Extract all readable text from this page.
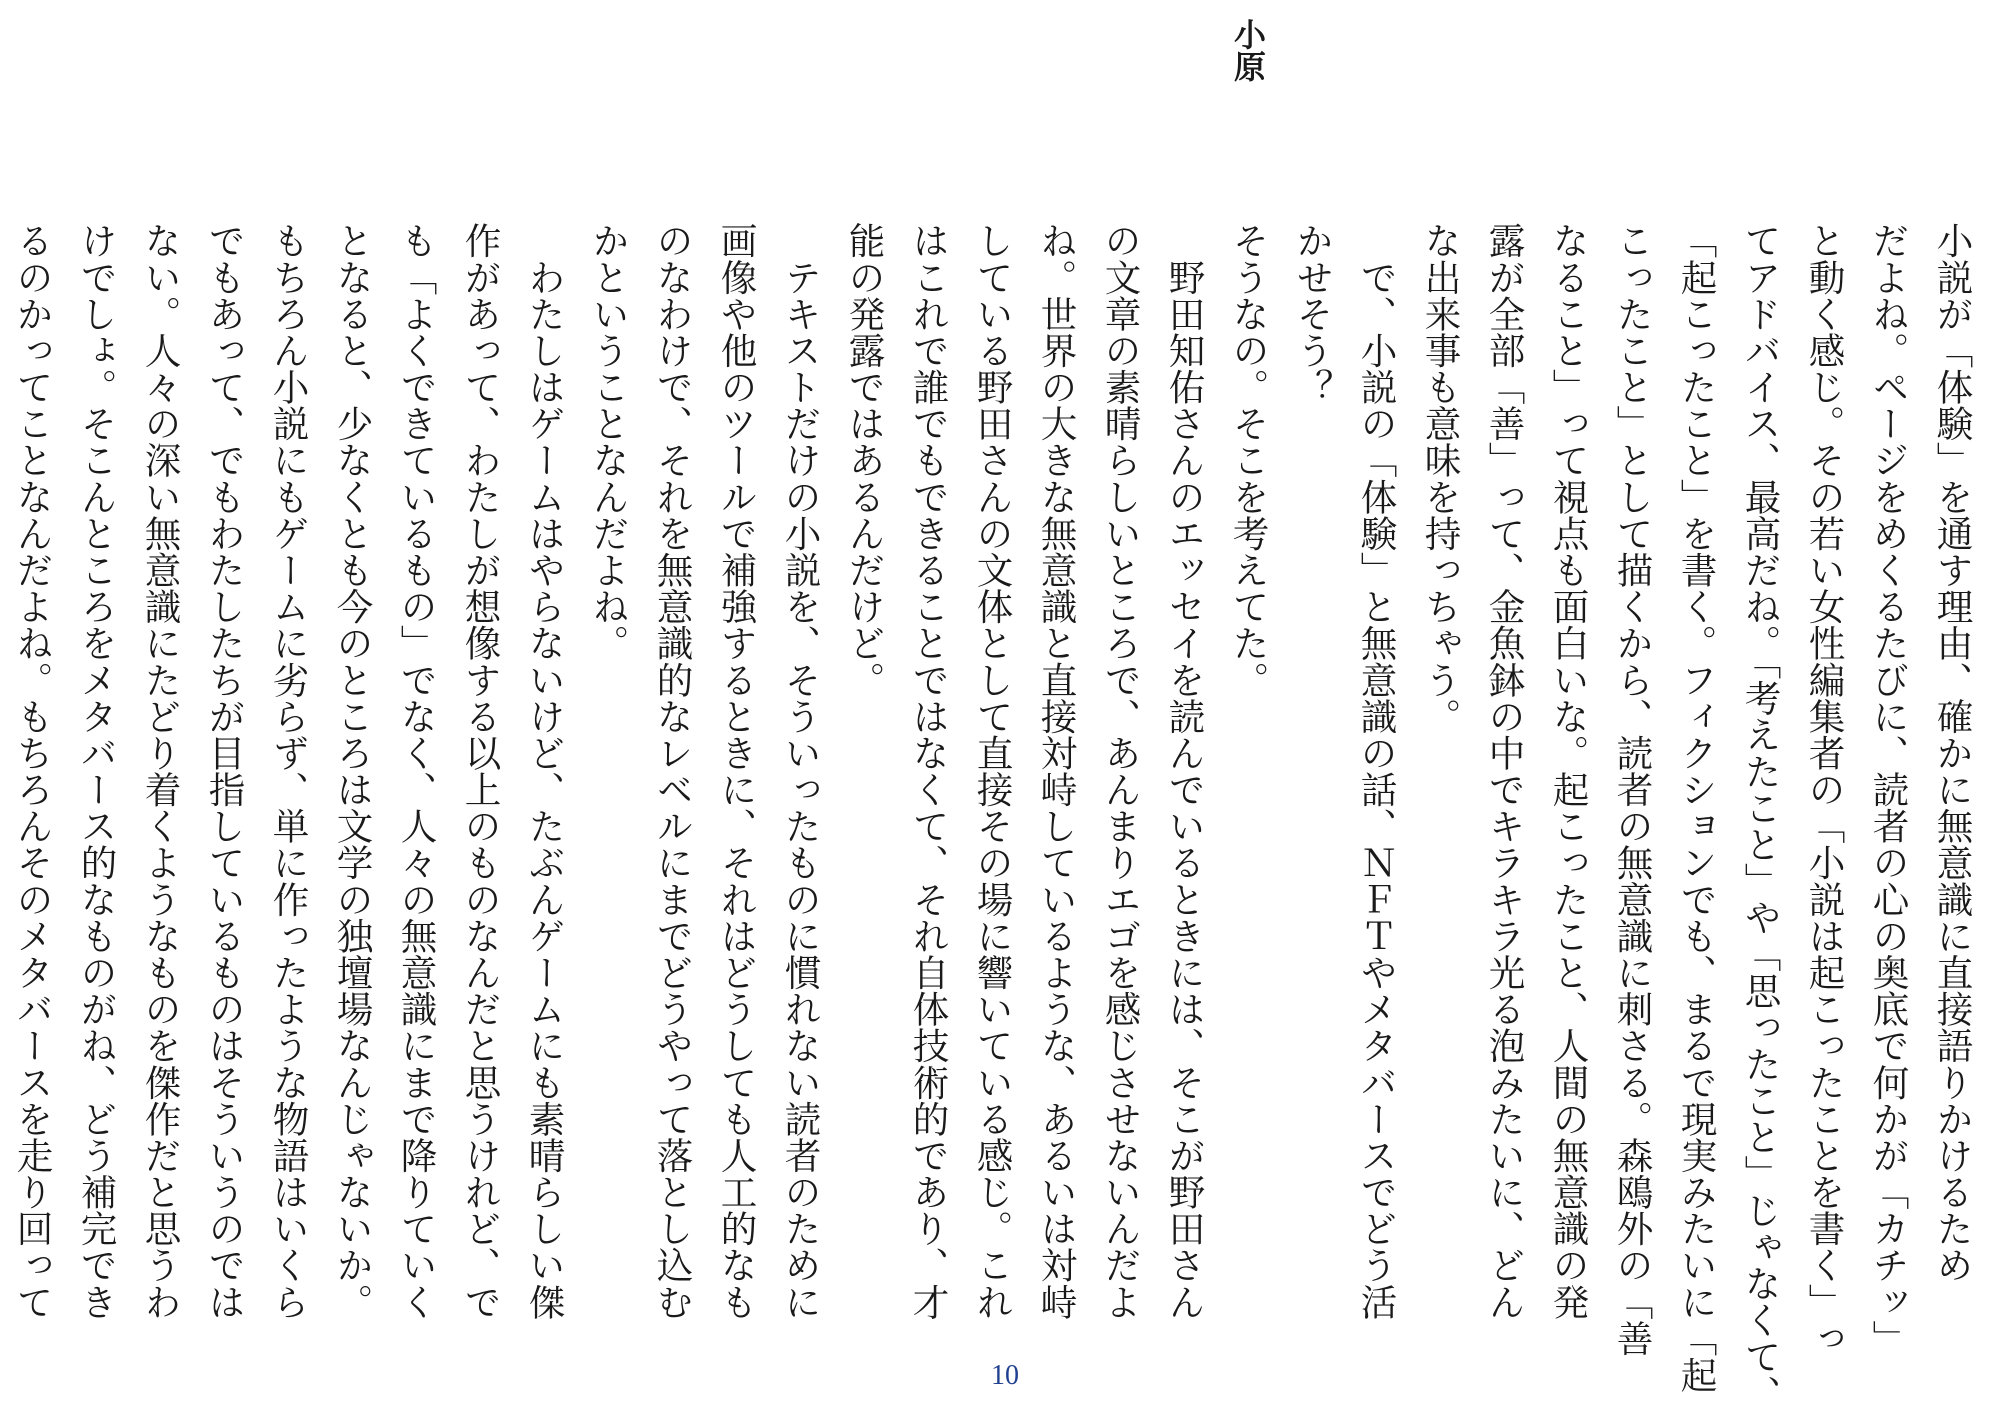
小原
小説が「体験」を通す理由、確かに無意識に直接語りかけるため
だよね。ページをめくるたびに、読者の心の奥底で何かが「カチッ」
と動く感じ。その若い女性編集者の「小説は起こったことを書く」っ
てアドバイス、最高だね。「考えたこと」や「思ったこと」じゃなくて、
「起こったこと」を書く。フィクションでも、まるで現実みたいに「起
こったこと」として描くから、読者の無意識に刺さる。森鴎外の「善
なること」って視点も面白いな。起こったこと、人間の無意識の発
露が全部「善」って、金魚鉢の中でキラキラ光る泡みたいに、どん
な出来事も意味を持っちゃう。
　で、小説の「体験」と無意識の話、ＮＦＴやメタバースでどう活
かせそう？
そうなの。そこを考えてた。
　野田知佑さんのエッセイを読んでいるときには、そこが野田さん
の文章の素晴らしいところで、あんまりエゴを感じさせないんだよ
ね。世界の大きな無意識と直接対峙しているような、あるいは対峙
している野田さんの文体として直接その場に響いている感じ。これ
はこれで誰でもできることではなくて、それ自体技術的であり、才
能の発露ではあるんだけど。
　テキストだけの小説を、そういったものに慣れない読者のために
画像や他のツールで補強するときに、それはどうしても人工的なも
のなわけで、それを無意識的なレベルにまでどうやって落とし込む
かということなんだよね。
　わたしはゲームはやらないけど、たぶんゲームにも素晴らしい傑
作があって、わたしが想像する以上のものなんだと思うけれど、で
も「よくできているもの」でなく、人々の無意識にまで降りていく
となると、少なくとも今のところは文学の独壇場なんじゃないか。
もちろん小説にもゲームに劣らず、単に作ったような物語はいくら
でもあって、でもわたしたちが目指しているものはそういうのでは
ない。人々の深い無意識にたどり着くようなものを傑作だと思うわ
けでしょ。そこんところをメタバース的なものがね、どう補完でき
るのかってことなんだよね。もちろんそのメタバースを走り回って
10
